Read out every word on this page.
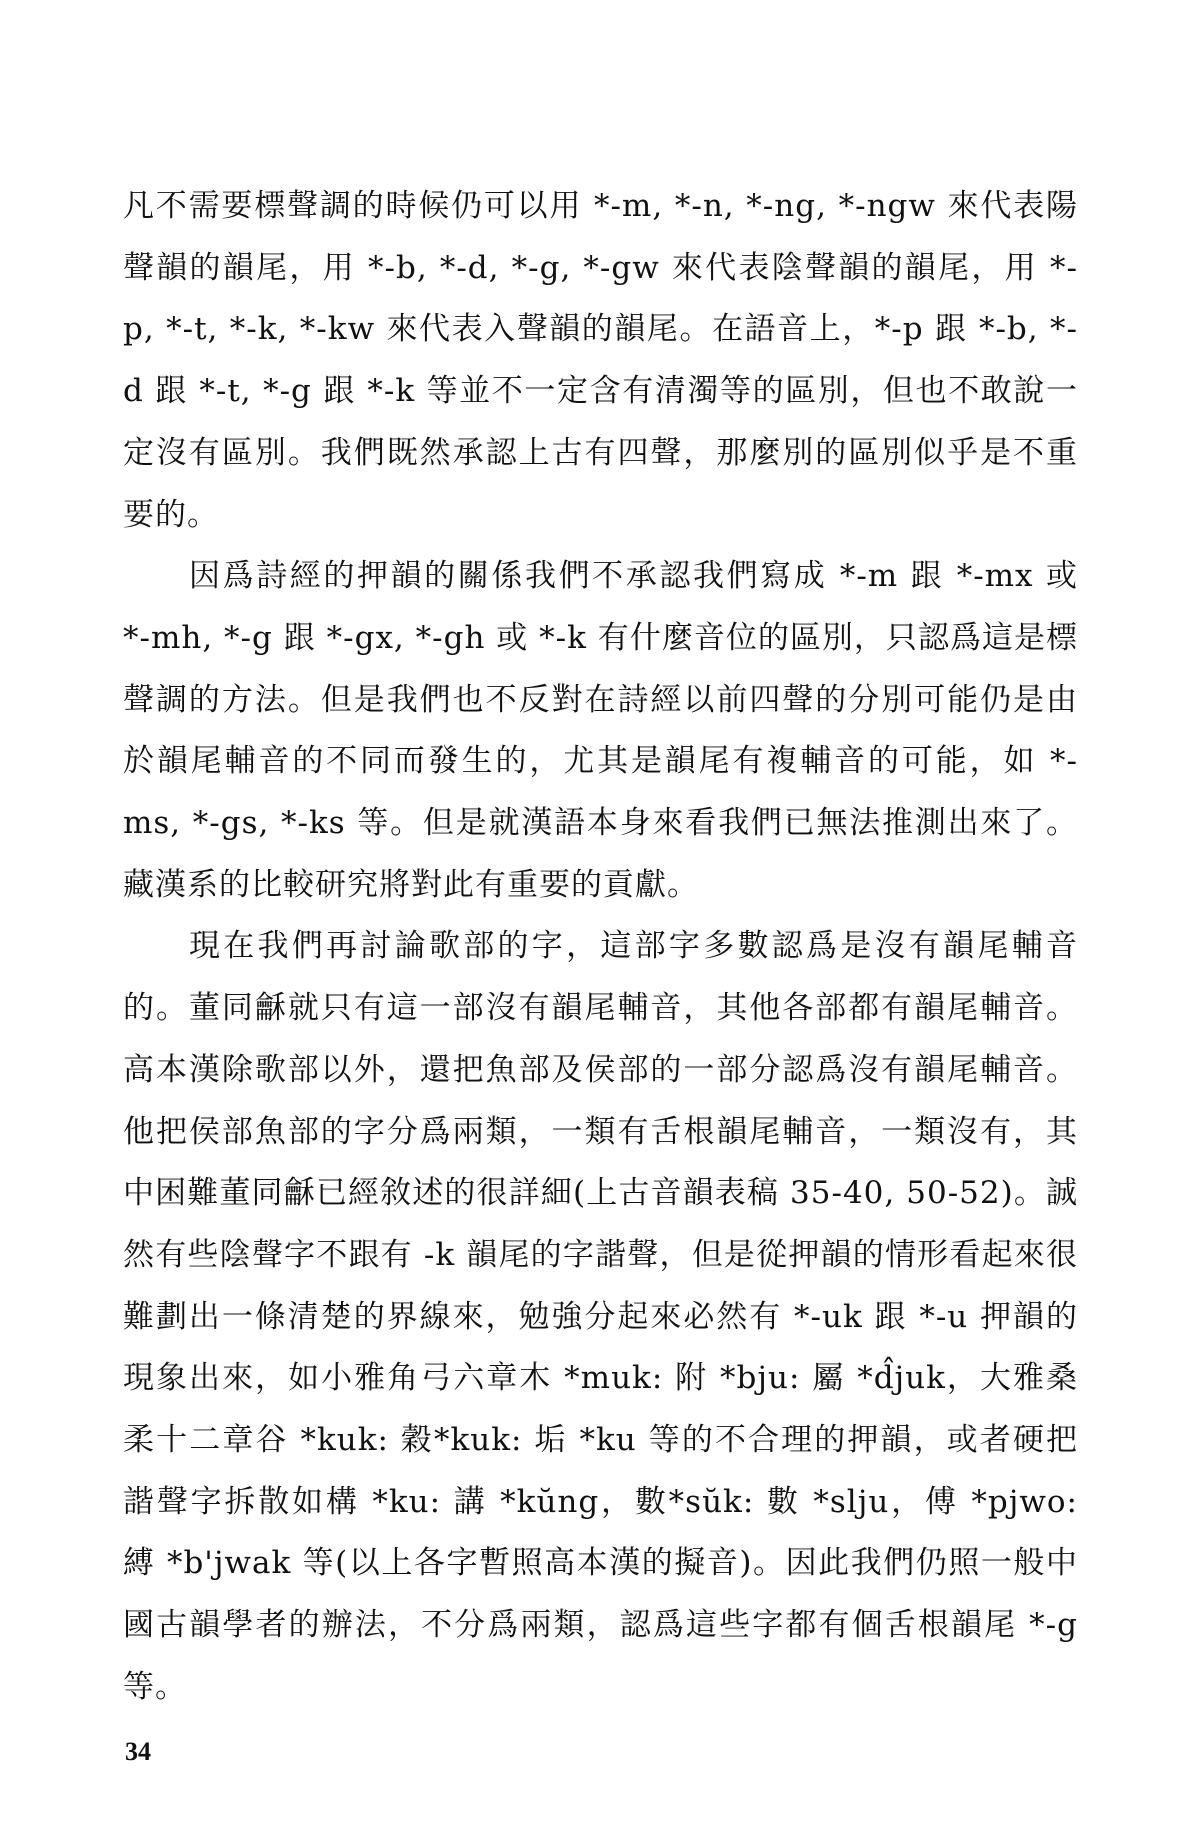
凡不需要標聲調的時候仍可以用 *-m, *-n, *-ng, *-ngw 來代表陽聲韻的韻尾，用 *-b, *-d, *-g, *-gw 來代表陰聲韻的韻尾，用 *-p, *-t, *-k, *-kw 來代表入聲韻的韻尾。在語音上，*-p 跟 *-b, *-d 跟 *-t, *-g 跟 *-k 等並不一定含有清濁等的區別，但也不敢說一定沒有區別。我們既然承認上古有四聲，那麼別的區別似乎是不重要的。

因爲詩經的押韻的關係我們不承認我們寫成 *-m 跟 *-mx 或 *-mh, *-g 跟 *-gx, *-gh 或 *-k 有什麼音位的區別，只認爲這是標聲調的方法。但是我們也不反對在詩經以前四聲的分別可能仍是由於韻尾輔音的不同而發生的，尤其是韻尾有複輔音的可能，如 *-ms, *-gs, *-ks 等。但是就漢語本身來看我們已無法推測出來了。藏漢系的比較研究將對此有重要的貢獻。

現在我們再討論歌部的字，這部字多數認爲是沒有韻尾輔音的。董同龢就只有這一部沒有韻尾輔音，其他各部都有韻尾輔音。高本漢除歌部以外，還把魚部及侯部的一部分認爲沒有韻尾輔音。他把侯部魚部的字分爲兩類，一類有舌根韻尾輔音，一類沒有，其中困難董同龢已經敘述的很詳細(上古音韻表稿 35-40, 50-52)。誠然有些陰聲字不跟有 -k 韻尾的字諧聲，但是從押韻的情形看起來很難劃出一條清楚的界線來，勉強分起來必然有 *-uk 跟 *-u 押韻的現象出來，如小雅角弓六章木 *muk: 附 *bju: 屬 *d̂juk，大雅桑柔十二章谷 *kuk: 穀*kuk: 垢 *ku 等的不合理的押韻，或者硬把諧聲字拆散如構 *ku: 講 *kŭng，數*sŭk: 數 *slju，傅 *pjwo: 縛 *b'jwak 等(以上各字暫照高本漢的擬音)。因此我們仍照一般中國古韻學者的辦法，不分爲兩類，認爲這些字都有個舌根韻尾 *-g 等。

34
